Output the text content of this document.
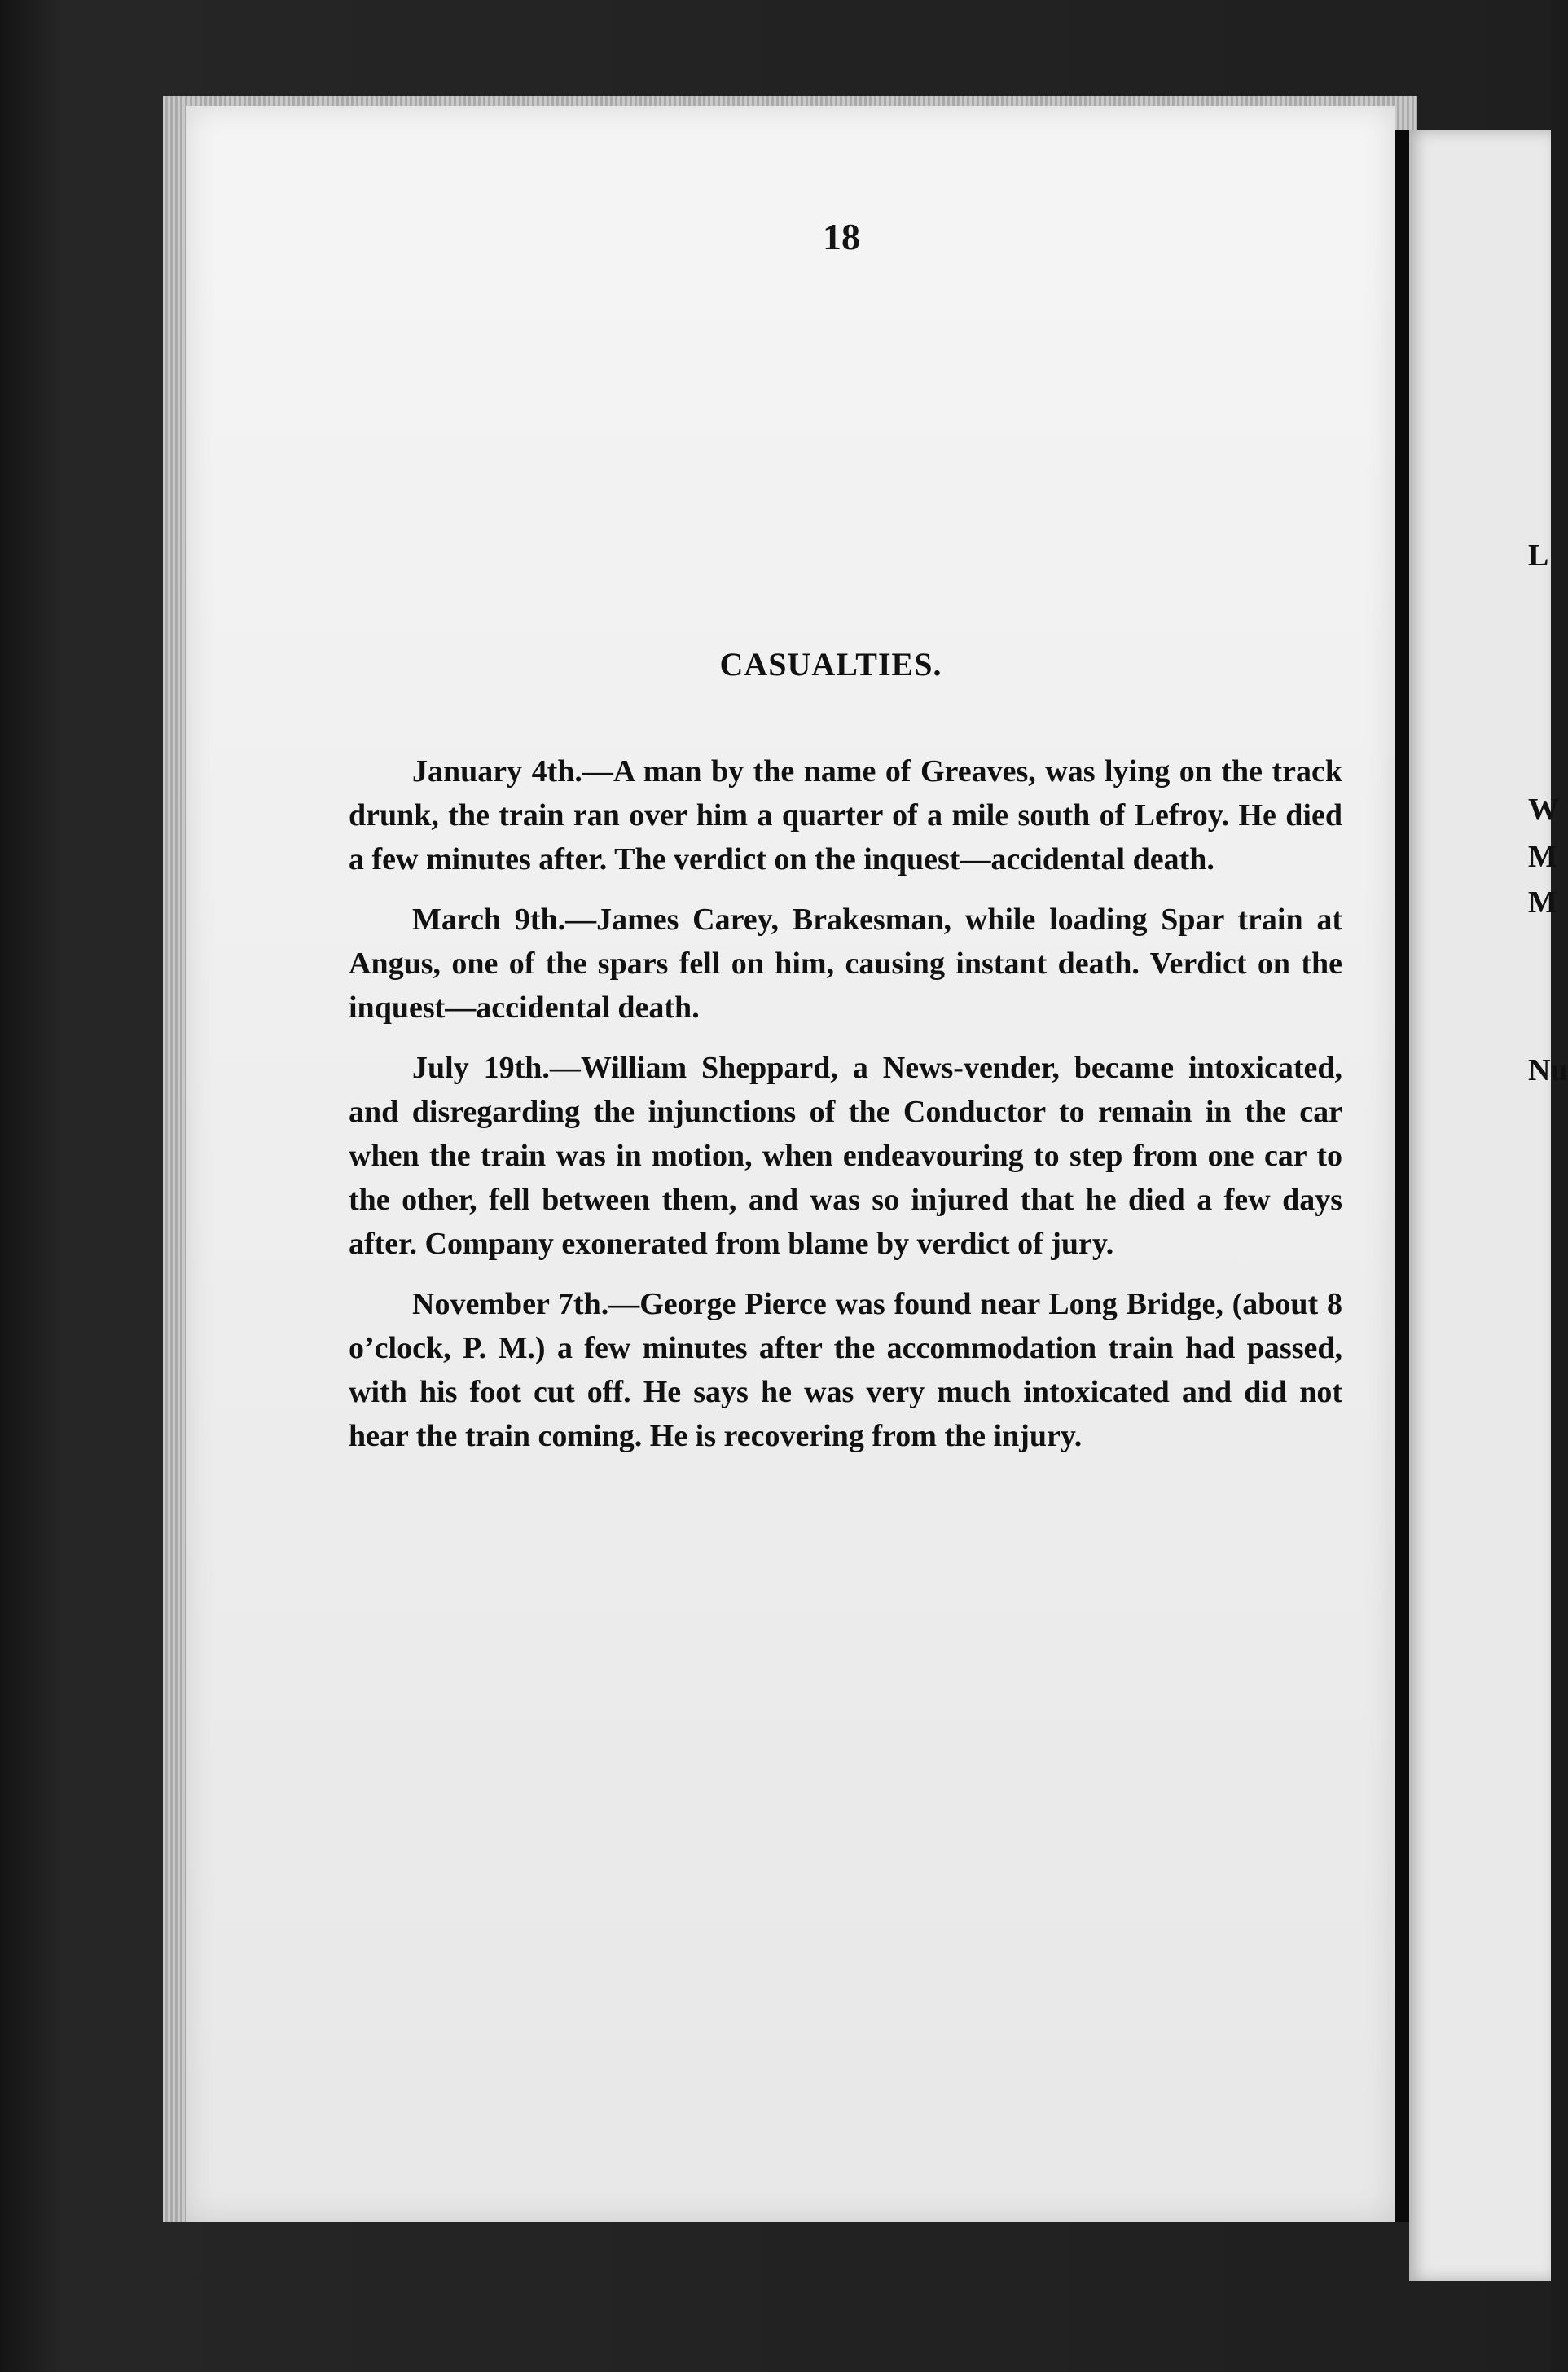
L
W
M
M
Nu
18
CASUALTIES.

January 4th.—A man by the name of Greaves, was lying on the track drunk, the train ran over him a quarter of a mile south of Lefroy. He died a few minutes after. The verdict on the inquest—accidental death.

March 9th.—James Carey, Brakesman, while loading Spar train at Angus, one of the spars fell on him, causing instant death. Verdict on the inquest—accidental death.

July 19th.—William Sheppard, a News-vender, became intoxicated, and disregarding the injunctions of the Conductor to remain in the car when the train was in motion, when endeavouring to step from one car to the other, fell between them, and was so injured that he died a few days after. Company exonerated from blame by verdict of jury.

November 7th.—George Pierce was found near Long Bridge, (about 8 o’clock, P. M.) a few minutes after the accommodation train had passed, with his foot cut off. He says he was very much intoxicated and did not hear the train coming. He is recovering from the injury.
